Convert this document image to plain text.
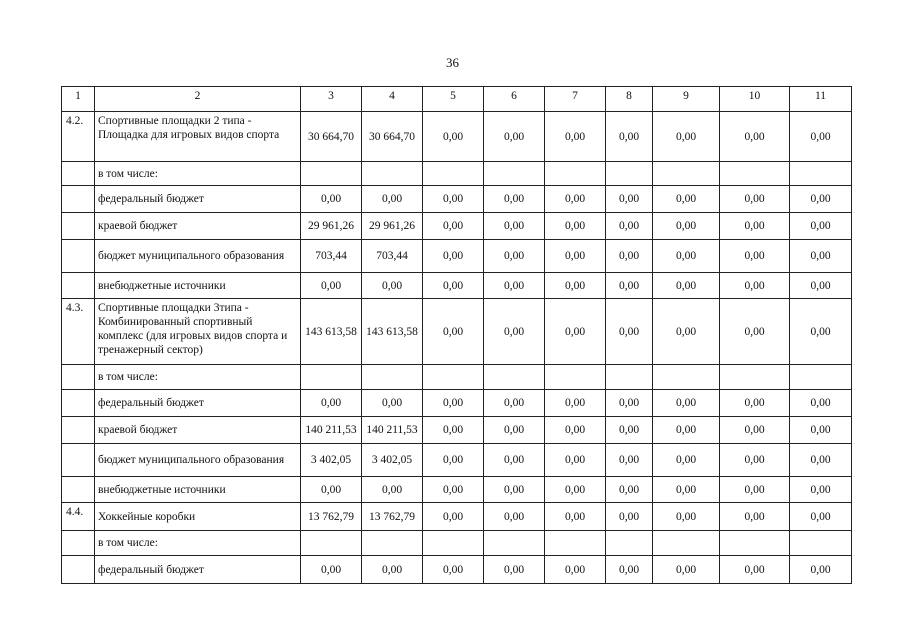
36
1	2	3	4	5	6	7	8	9	10	11
4.2.	Спортивные площадки 2 типа - Площадка для игровых видов спорта	30 664,70	30 664,70	0,00	0,00	0,00	0,00	0,00	0,00	0,00
	в том числе:									
	федеральный бюджет	0,00	0,00	0,00	0,00	0,00	0,00	0,00	0,00	0,00
	краевой бюджет	29 961,26	29 961,26	0,00	0,00	0,00	0,00	0,00	0,00	0,00
	бюджет муниципального образования	703,44	703,44	0,00	0,00	0,00	0,00	0,00	0,00	0,00
	внебюджетные источники	0,00	0,00	0,00	0,00	0,00	0,00	0,00	0,00	0,00
4.3.	Спортивные площадки 3типа - Комбинированный спортивный комплекс (для игровых видов спорта и тренажерный сектор)	143 613,58	143 613,58	0,00	0,00	0,00	0,00	0,00	0,00	0,00
	в том числе:									
	федеральный бюджет	0,00	0,00	0,00	0,00	0,00	0,00	0,00	0,00	0,00
	краевой бюджет	140 211,53	140 211,53	0,00	0,00	0,00	0,00	0,00	0,00	0,00
	бюджет муниципального образования	3 402,05	3 402,05	0,00	0,00	0,00	0,00	0,00	0,00	0,00
	внебюджетные источники	0,00	0,00	0,00	0,00	0,00	0,00	0,00	0,00	0,00
4.4.	Хоккейные коробки	13 762,79	13 762,79	0,00	0,00	0,00	0,00	0,00	0,00	0,00
	в том числе:									
	федеральный бюджет	0,00	0,00	0,00	0,00	0,00	0,00	0,00	0,00	0,00
